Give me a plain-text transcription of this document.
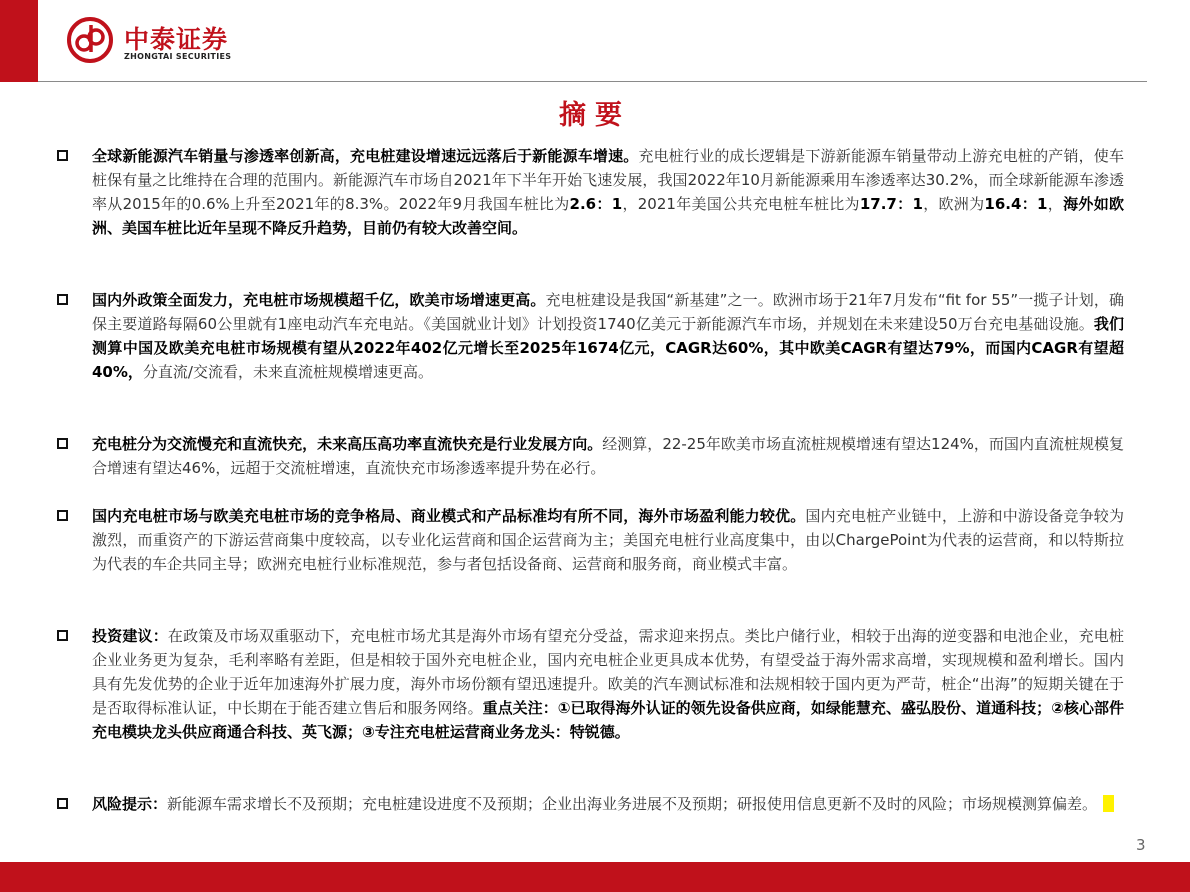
中泰证券
ZHONGTAI SECURITIES
摘要

全球新能源汽车销量与渗透率创新高，充电桩建设增速远远落后于新能源车增速。充电桩行业的成长逻辑是下游新能源车销量带动上游充电桩的产销，使车桩保有量之比维持在合理的范围内。新能源汽车市场自2021年下半年开始飞速发展，我国2022年10月新能源乘用车渗透率达30.2%，而全球新能源车渗透率从2015年的0.6%上升至2021年的8.3%。2022年9月我国车桩比为2.6：1，2021年美国公共充电桩车桩比为17.7：1，欧洲为16.4：1，海外如欧洲、美国车桩比近年呈现不降反升趋势，目前仍有较大改善空间。

国内外政策全面发力，充电桩市场规模超千亿，欧美市场增速更高。充电桩建设是我国“新基建”之一。欧洲市场于21年7月发布“fit for 55”一揽子计划，确保主要道路每隔60公里就有1座电动汽车充电站。《美国就业计划》计划投资1740亿美元于新能源汽车市场，并规划在未来建设50万台充电基础设施。我们测算中国及欧美充电桩市场规模有望从2022年402亿元增长至2025年1674亿元，CAGR达60%，其中欧美CAGR有望达79%，而国内CAGR有望超40%，分直流/交流看，未来直流桩规模增速更高。

充电桩分为交流慢充和直流快充，未来高压高功率直流快充是行业发展方向。经测算，22-25年欧美市场直流桩规模增速有望达124%，而国内直流桩规模复合增速有望达46%，远超于交流桩增速，直流快充市场渗透率提升势在必行。

国内充电桩市场与欧美充电桩市场的竞争格局、商业模式和产品标准均有所不同，海外市场盈利能力较优。国内充电桩产业链中，上游和中游设备竞争较为激烈，而重资产的下游运营商集中度较高，以专业化运营商和国企运营商为主；美国充电桩行业高度集中，由以ChargePoint为代表的运营商，和以特斯拉为代表的车企共同主导；欧洲充电桩行业标准规范，参与者包括设备商、运营商和服务商，商业模式丰富。

投资建议：在政策及市场双重驱动下，充电桩市场尤其是海外市场有望充分受益，需求迎来拐点。类比户储行业，相较于出海的逆变器和电池企业，充电桩企业业务更为复杂，毛利率略有差距，但是相较于国外充电桩企业，国内充电桩企业更具成本优势，有望受益于海外需求高增，实现规模和盈利增长。国内具有先发优势的企业于近年加速海外扩展力度，海外市场份额有望迅速提升。欧美的汽车测试标准和法规相较于国内更为严苛，桩企“出海”的短期关键在于是否取得标准认证，中长期在于能否建立售后和服务网络。重点关注：①已取得海外认证的领先设备供应商，如绿能慧充、盛弘股份、道通科技；②核心部件充电模块龙头供应商通合科技、英飞源；③专注充电桩运营商业务龙头：特锐德。

风险提示：新能源车需求增长不及预期；充电桩建设进度不及预期；企业出海业务进展不及预期；研报使用信息更新不及时的风险；市场规模测算偏差。

3
